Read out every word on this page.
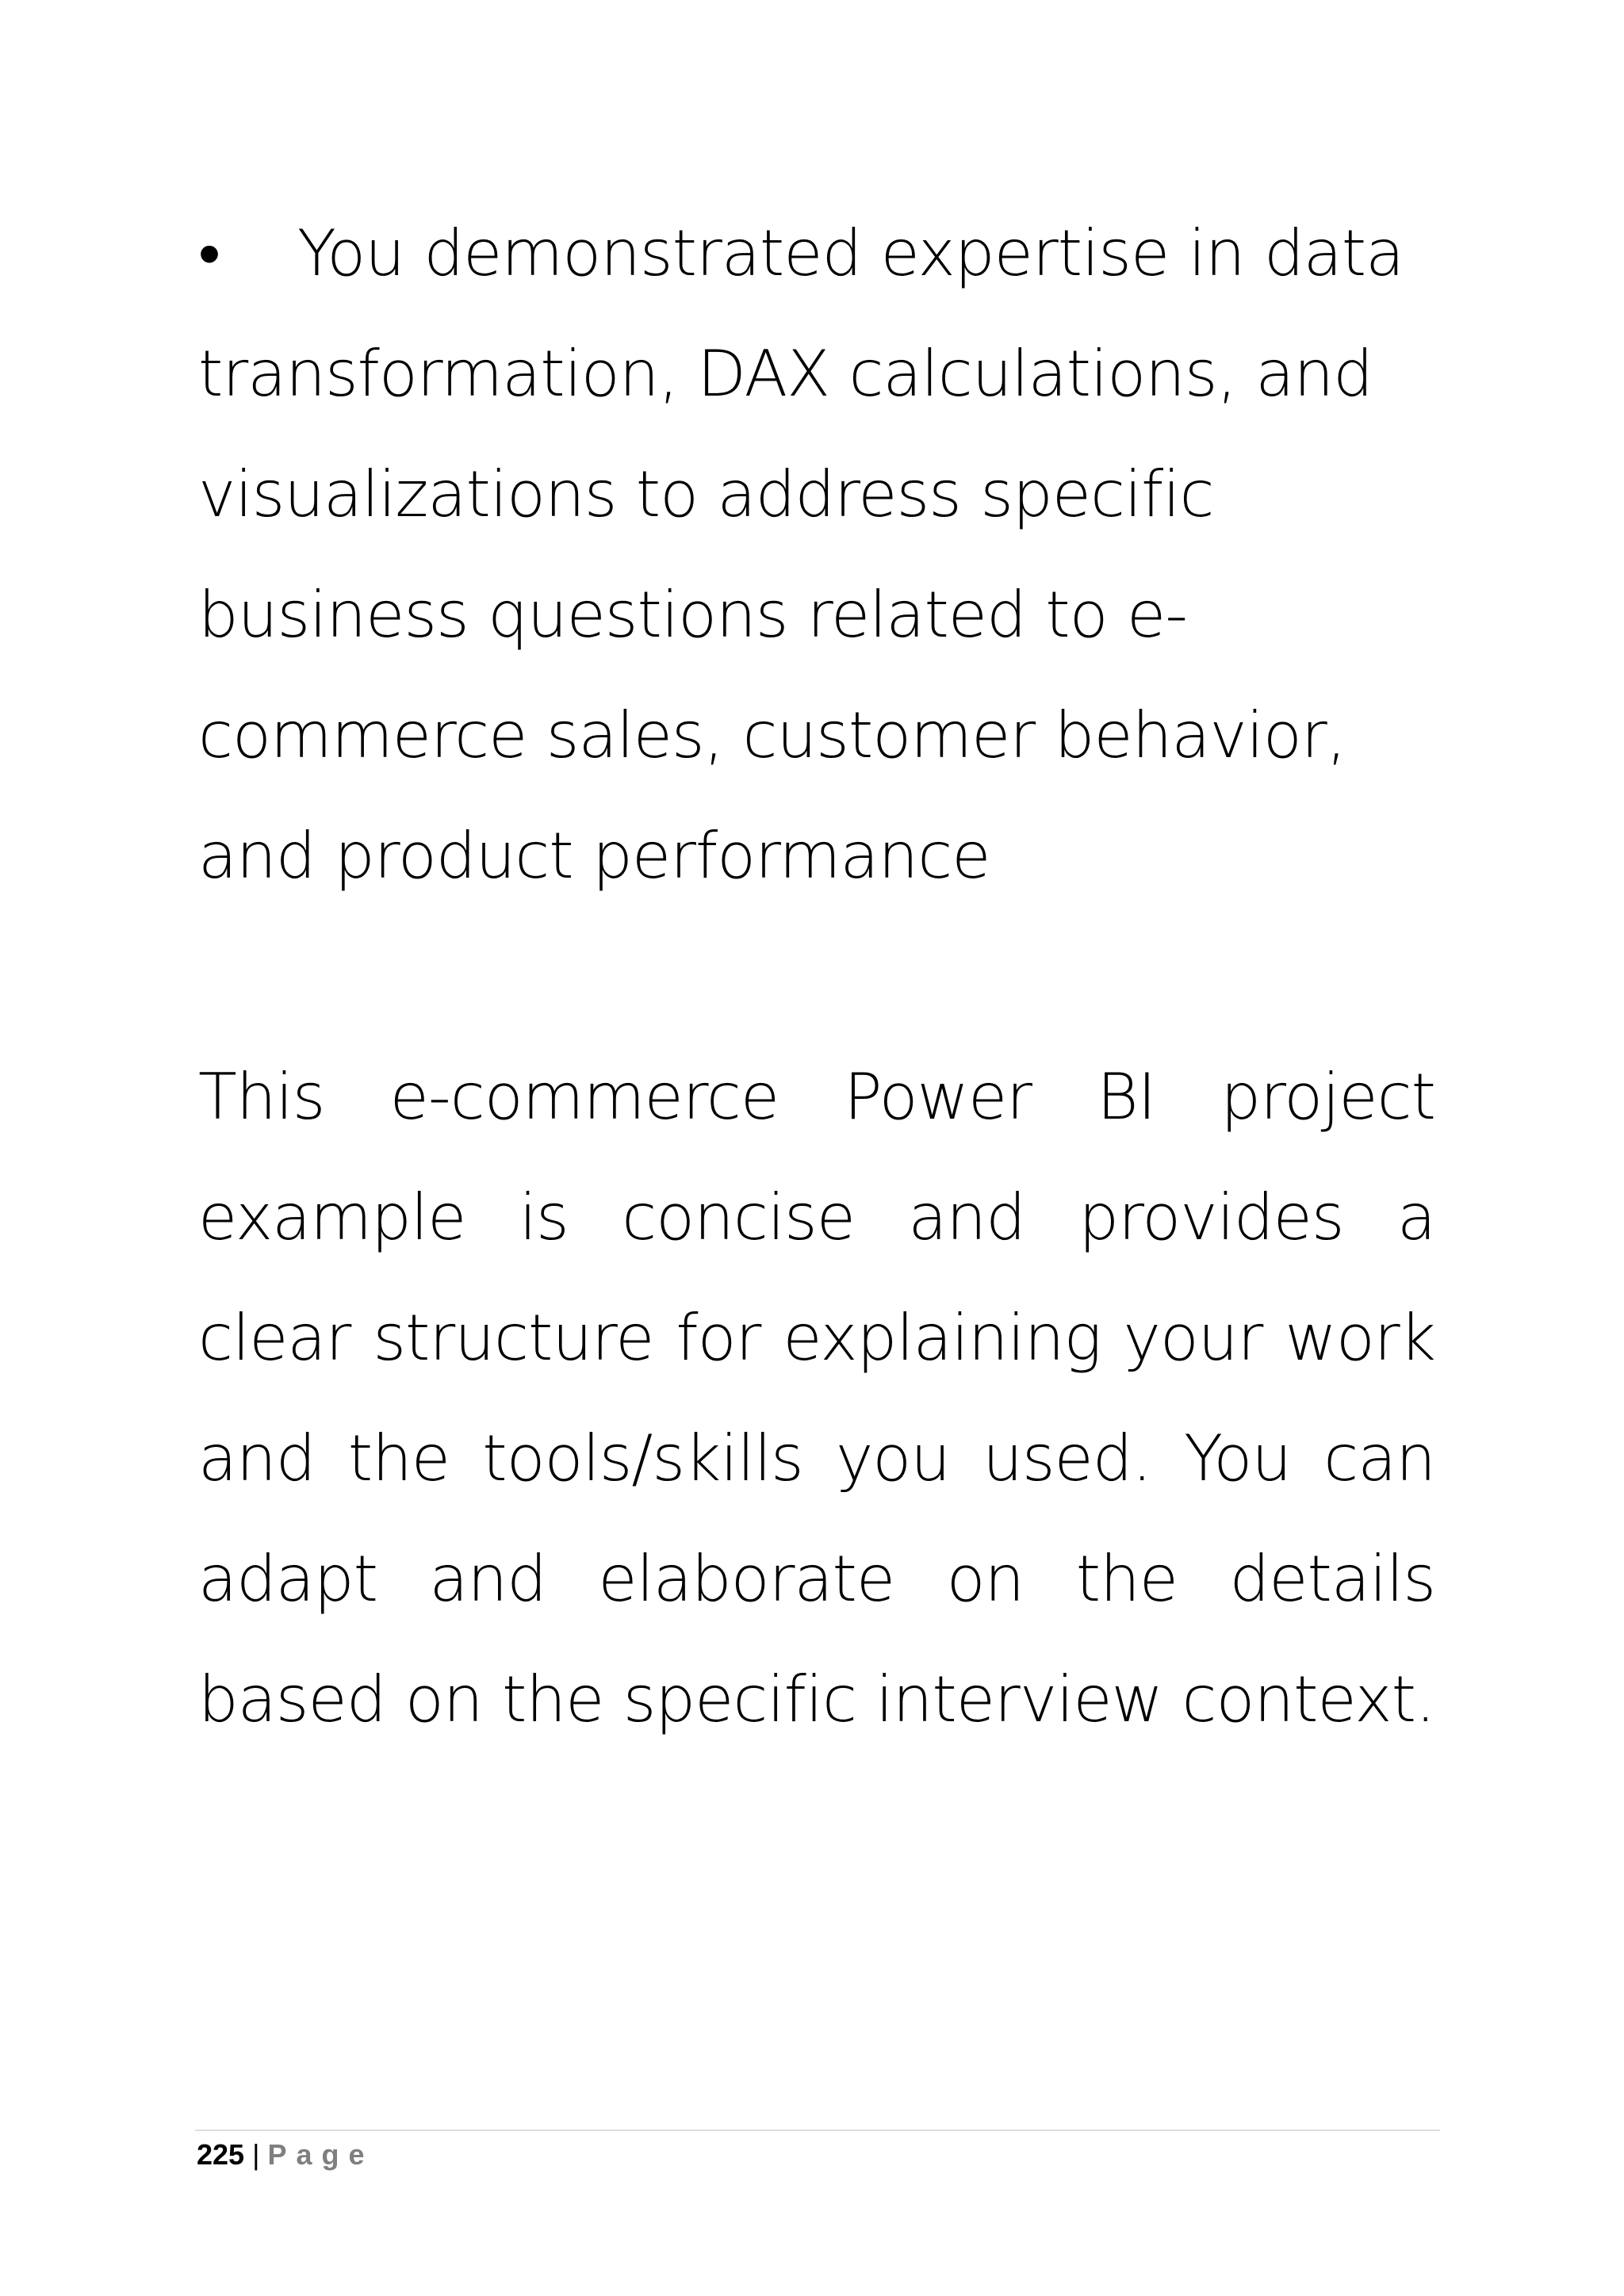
• You demonstrated expertise in data transformation, DAX calculations, and visualizations to address specific business questions related to e-commerce sales, customer behavior, and product performance
This e-commerce Power BI project example is concise and provides a clear structure for explaining your work and the tools/skills you used. You can adapt and elaborate on the details based on the specific interview context.
225 | Page
